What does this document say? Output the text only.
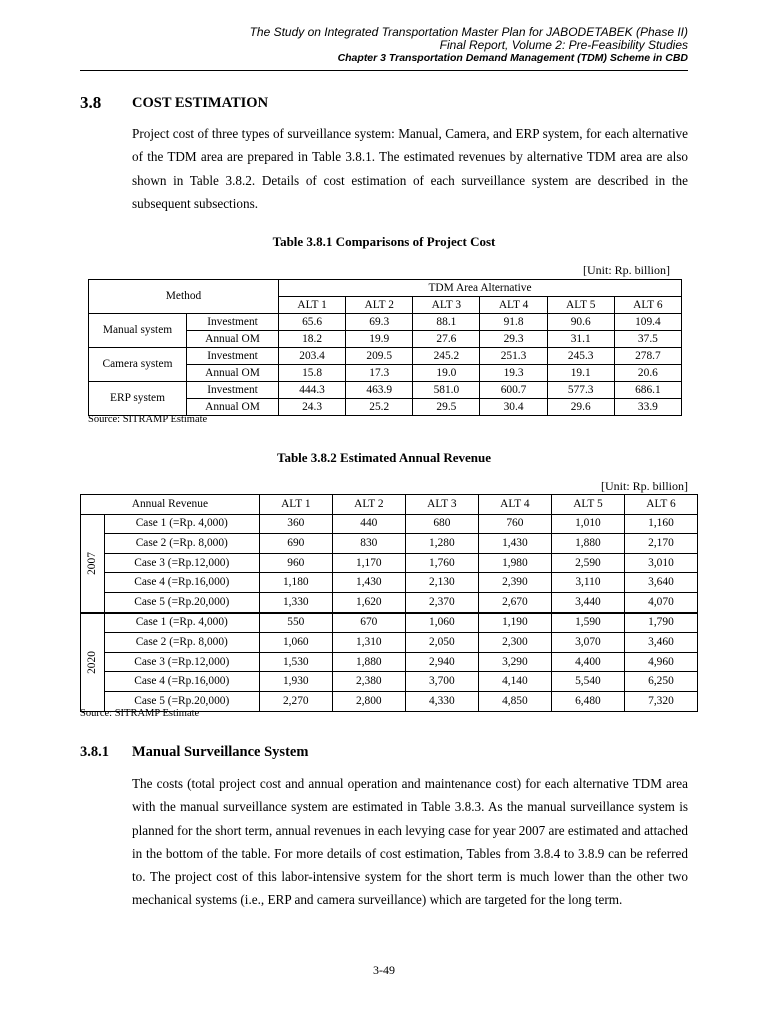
The Study on Integrated Transportation Master Plan for JABODETABEK (Phase II)
Final Report, Volume 2: Pre-Feasibility Studies
Chapter 3 Transportation Demand Management (TDM) Scheme in CBD
3.8 COST ESTIMATION
Project cost of three types of surveillance system: Manual, Camera, and ERP system, for each alternative of the TDM area are prepared in Table 3.8.1. The estimated revenues by alternative TDM area are also shown in Table 3.8.2. Details of cost estimation of each surveillance system are described in the subsequent subsections.
Table 3.8.1 Comparisons of Project Cost
[Unit: Rp. billion]
Method		TDM Area Alternative					
		ALT 1	ALT 2	ALT 3	ALT 4	ALT 5	ALT 6
Manual system	Investment	65.6	69.3	88.1	91.8	90.6	109.4
	Annual OM	18.2	19.9	27.6	29.3	31.1	37.5
Camera system	Investment	203.4	209.5	245.2	251.3	245.3	278.7
	Annual OM	15.8	17.3	19.0	19.3	19.1	20.6
ERP system	Investment	444.3	463.9	581.0	600.7	577.3	686.1
	Annual OM	24.3	25.2	29.5	30.4	29.6	33.9
Source: SITRAMP Estimate
Table 3.8.2 Estimated Annual Revenue
[Unit: Rp. billion]
Annual Revenue		ALT 1	ALT 2	ALT 3	ALT 4	ALT 5	ALT 6
2007	Case 1 (=Rp. 4,000)	360	440	680	760	1,010	1,160
	Case 2 (=Rp. 8,000)	690	830	1,280	1,430	1,880	2,170
	Case 3 (=Rp.12,000)	960	1,170	1,760	1,980	2,590	3,010
	Case 4 (=Rp.16,000)	1,180	1,430	2,130	2,390	3,110	3,640
	Case 5 (=Rp.20,000)	1,330	1,620	2,370	2,670	3,440	4,070
2020	Case 1 (=Rp. 4,000)	550	670	1,060	1,190	1,590	1,790
	Case 2 (=Rp. 8,000)	1,060	1,310	2,050	2,300	3,070	3,460
	Case 3 (=Rp.12,000)	1,530	1,880	2,940	3,290	4,400	4,960
	Case 4 (=Rp.16,000)	1,930	2,380	3,700	4,140	5,540	6,250
	Case 5 (=Rp.20,000)	2,270	2,800	4,330	4,850	6,480	7,320
Source: SITRAMP Estimate
3.8.1 Manual Surveillance System
The costs (total project cost and annual operation and maintenance cost) for each alternative TDM area with the manual surveillance system are estimated in Table 3.8.3. As the manual surveillance system is planned for the short term, annual revenues in each levying case for year 2007 are estimated and attached in the bottom of the table. For more details of cost estimation, Tables from 3.8.4 to 3.8.9 can be referred to. The project cost of this labor-intensive system for the short term is much lower than the other two mechanical systems (i.e., ERP and camera surveillance) which are targeted for the long term.
3-49
